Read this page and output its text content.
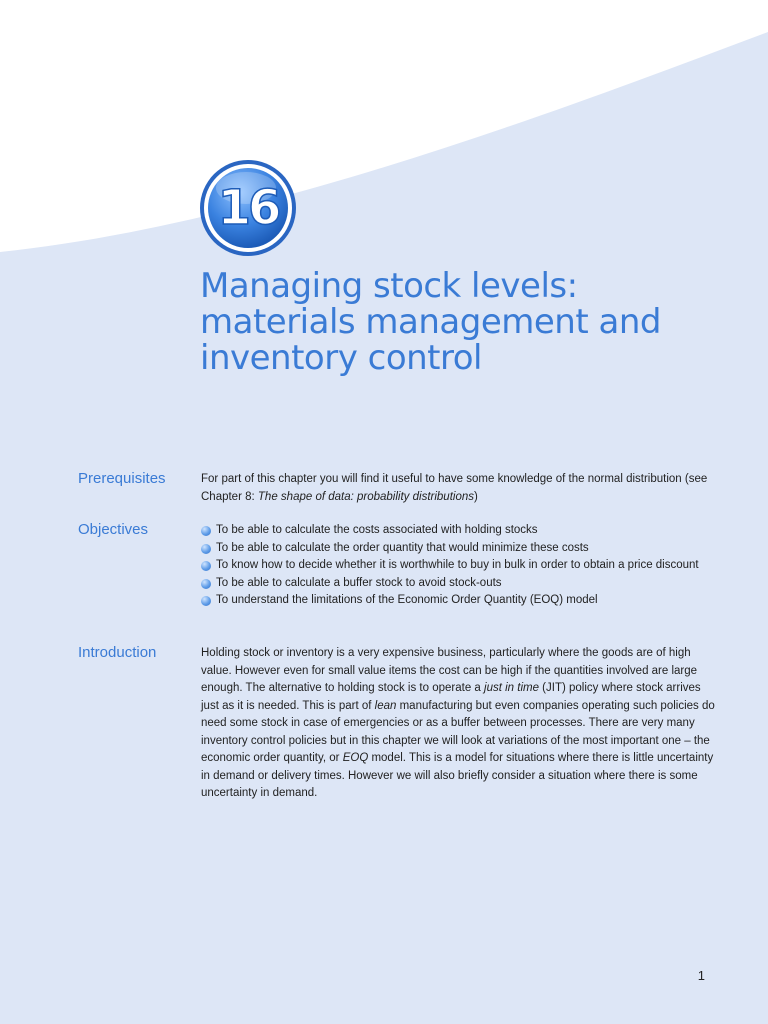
16
Managing stock levels:
materials management and
inventory control
Prerequisites	For part of this chapter you will find it useful to have some knowledge of the normal distribution (see Chapter 8: The shape of data: probability distributions)

Objectives	To be able to calculate the costs associated with holding stocks
To be able to calculate the order quantity that would minimize these costs
To know how to decide whether it is worthwhile to buy in bulk in order to obtain a price discount
To be able to calculate a buffer stock to avoid stock-outs
To understand the limitations of the Economic Order Quantity (EOQ) model
Introduction	Holding stock or inventory is a very expensive business, particularly where the goods are of high value. However even for small value items the cost can be high if the quantities involved are large enough. The alternative to holding stock is to operate a just in time (JIT) policy where stock arrives just as it is needed. This is part of lean manufacturing but even companies operating such policies do need some stock in case of emergencies or as a buffer between processes. There are very many inventory control policies but in this chapter we will look at variations of the most important one – the economic order quantity, or EOQ model. This is a model for situations where there is little uncertainty in demand or delivery times. However we will also briefly consider a situation where there is some uncertainty in demand.

1
